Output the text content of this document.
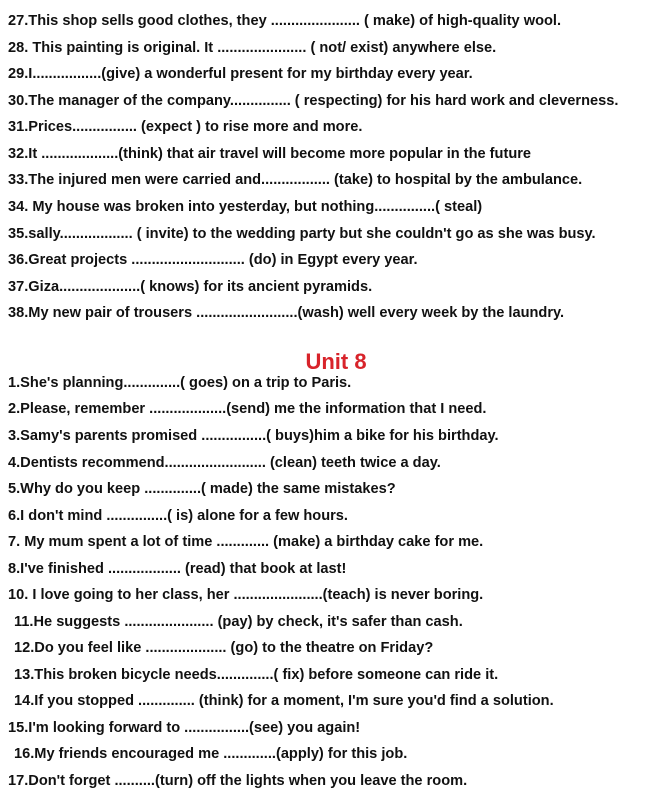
27.This shop sells good clothes, they ...................... ( make) of high-quality wool.
28. This painting is original. It ...................... ( not/ exist) anywhere else.
29.I.................(give) a wonderful present for my birthday every year.
30.The manager of the company............... ( respecting) for his hard work and cleverness.
31.Prices................ (expect ) to rise more and more.
32.It ...................(think) that air travel will become more popular in the future
33.The injured men were carried and................. (take) to hospital by the ambulance.
34. My house was broken into yesterday, but nothing...............( steal)
35.sally.................. ( invite) to the wedding party but she couldn't go as she was busy.
36.Great projects ............................ (do) in Egypt every year.
37.Giza....................( knows) for its ancient pyramids.
38.My new pair of trousers .........................(wash) well every week by the laundry.
Unit 8
1.She's planning..............( goes) on a trip to Paris.
2.Please, remember ...................(send) me the information that I need.
3.Samy's parents promised ................( buys)him a bike for his birthday.
4.Dentists recommend......................... (clean) teeth twice a day.
5.Why do you keep ..............( made) the same mistakes?
6.I don't mind ...............( is) alone for a few hours.
7. My mum spent a lot of time ............. (make) a birthday cake for me.
8.I've finished .................. (read) that book at last!
10. I love going to her class, her ......................(teach) is never boring.
11.He suggests ...................... (pay) by check, it's safer than cash.
12.Do you feel like .................... (go) to the theatre on Friday?
13.This broken bicycle needs..............( fix) before someone can ride it.
14.If you stopped .............. (think) for a moment, I'm sure you'd find a solution.
15.I'm looking forward to ................(see) you again!
16.My friends encouraged me .............(apply) for this job.
17.Don't forget ..........(turn) off the lights when you leave the room.
